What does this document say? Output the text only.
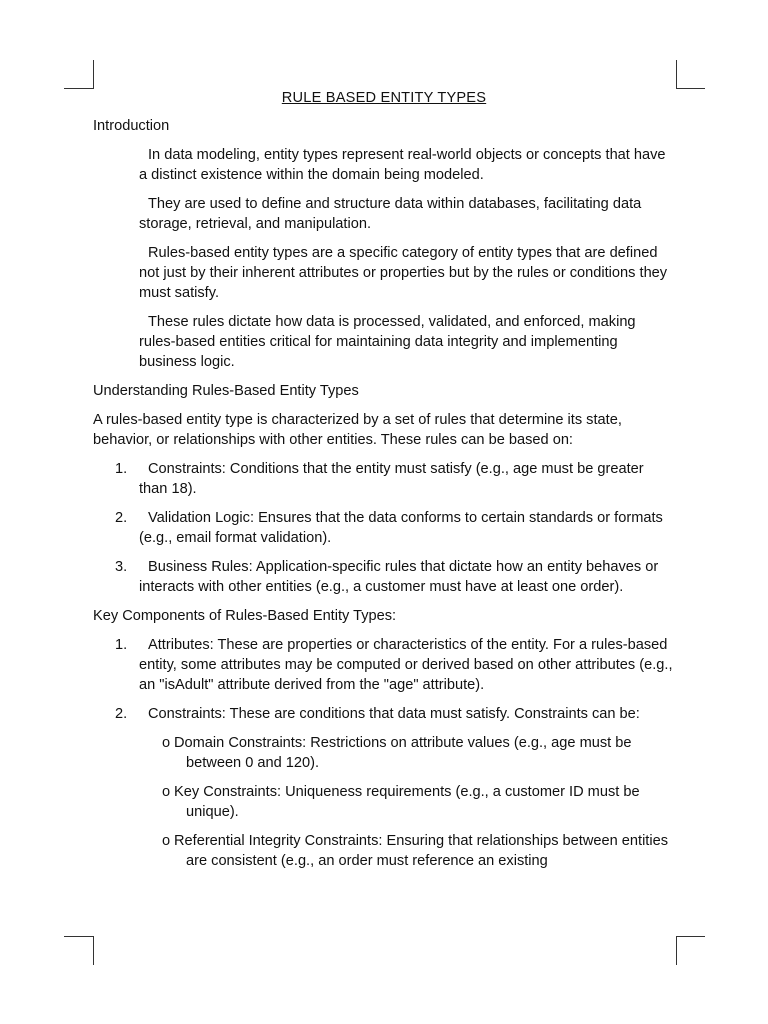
RULE BASED ENTITY TYPES
Introduction

In data modeling, entity types represent real-world objects or concepts that have a distinct existence within the domain being modeled.

They are used to define and structure data within databases, facilitating data storage, retrieval, and manipulation.

Rules-based entity types are a specific category of entity types that are defined not just by their inherent attributes or properties but by the rules or conditions they must satisfy.

These rules dictate how data is processed, validated, and enforced, making rules-based entities critical for maintaining data integrity and implementing business logic.

Understanding Rules-Based Entity Types

A rules-based entity type is characterized by a set of rules that determine its state, behavior, or relationships with other entities. These rules can be based on:

1.	Constraints: Conditions that the entity must satisfy (e.g., age must be greater than 18).
2.	Validation Logic: Ensures that the data conforms to certain standards or formats (e.g., email format validation).
3.	Business Rules: Application-specific rules that dictate how an entity behaves or interacts with other entities (e.g., a customer must have at least one order).
Key Components of Rules-Based Entity Types:
1.	Attributes: These are properties or characteristics of the entity. For a rules-based entity, some attributes may be computed or derived based on other attributes (e.g., an "isAdult" attribute derived from the "age" attribute).
2.	Constraints: These are conditions that data must satisfy. Constraints can be:
o Domain Constraints: Restrictions on attribute values (e.g., age must be between 0 and 120).
o Key Constraints: Uniqueness requirements (e.g., a customer ID must be unique).
o Referential Integrity Constraints: Ensuring that relationships between entities are consistent (e.g., an order must reference an existing
